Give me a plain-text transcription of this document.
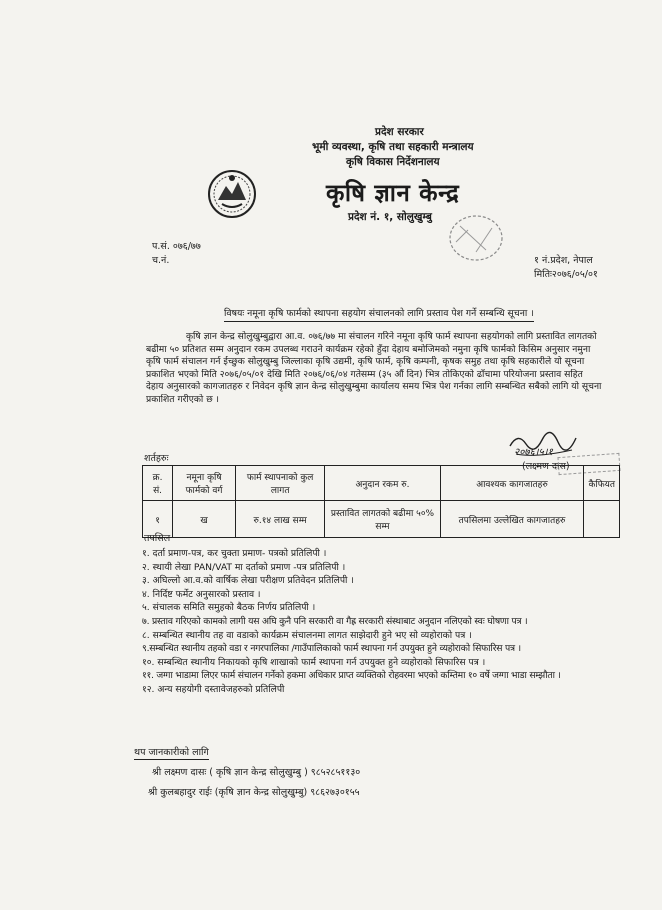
प्रदेश सरकार
भूमी व्यवस्था, कृषि तथा सहकारी मन्त्रालय
कृषि विकास निर्देशनालय
कृषि ज्ञान केन्द्र
प्रदेश नं. १, सोलुखुम्बु
प.सं. ०७६/७७
च.नं.	१ नं.प्रदेश, नेपाल
मितिः२०७६/०५/०१
विषयः नमूना कृषि फार्मको स्थापना सहयोग संचालनको लागि प्रस्ताव पेश गर्ने सम्बन्धि सूचना ।
कृषि ज्ञान केन्द्र सोलुखुम्बुद्वारा आ.व. ०७६/७७ मा संचालन गरिने नमूना कृषि फार्म स्थापना सहयोगको लागि प्रस्तावित लागतको
बढीमा ५० प्रतिशत सम्म अनुदान रकम उपलब्ध गराउने कार्यक्रम रहेको हुँदा देहाय बमोजिमको नमुना कृषि फार्मको किसिम अनुसार नमुना
कृषि फार्म संचालन गर्न ईच्छुक सोलुखुम्बु जिल्लाका कृषि उद्यमी, कृषि फार्म, कृषि कम्पनी, कृषक समुह तथा कृषि सहकारीले यो सूचना
प्रकाशित भएको मिति २०७६/०५/०१ देखि मिति २०७६/०६/०४ गतेसम्म (३५ औं दिन) भित्र तोकिएको ढाँचामा परियोजना प्रस्ताव सहित
देहाय अनुसारको कागजातहरु र निवेदन कृषि ज्ञान केन्द्र सोलुखुम्बुमा कार्यालय समय भित्र पेश गर्नका लागि सम्बन्धित सबैको लागि यो सूचना
प्रकाशित गरीएको छ ।
२०७६।५।१
(लक्ष्मण दास)
शर्तहरुः
क्र. सं.	नमूना कृषि फार्मको वर्ग	फार्म स्थापनाको कुल लागत	अनुदान रकम रु.	आवश्यक कागजातहरु	कैफियत
१	ख	रु.१४ लाख सम्म	प्रस्तावित लागतको बढीमा ५०% सम्म	तपसिलमा उल्लेखित कागजातहरु	
तपसिल
१. दर्ता प्रमाण-पत्र, कर चुक्ता प्रमाण- पत्रको प्रतिलिपी ।
२. स्थायी लेखा PAN/VAT मा दर्ताको प्रमाण -पत्र प्रतिलिपी ।
३. अघिल्लो आ.व.को वार्षिक लेखा परीक्षण प्रतिवेदन प्रतिलिपी ।
४. निर्दिष्ट फर्मेट अनुसारको प्रस्ताव ।
५. संचालक समिति समुहको बैठक निर्णय प्रतिलिपी ।
७. प्रस्ताव गरिएको कामको लागी यस अघि कुनै पनि सरकारी वा गैह्र सरकारी संस्थाबाट अनुदान नलिएको स्वः घोषणा पत्र ।
८. सम्बन्धित स्थानीय तह वा वडाको कार्यक्रम संचालनमा लागत साझेदारी हुने भए सो व्यहोराको पत्र ।
९.सम्बन्धित स्थानीय तहको वडा र नगरपालिका /गाउँपालिकाको फार्म स्थापना गर्न उपयुक्त हुने व्यहोराको सिफारिस पत्र ।
१०. सम्बन्धित स्थानीय निकायको कृषि शाखाको फार्म स्थापना गर्न उपयुक्त हुने व्यहोराको सिफारिस पत्र ।
११. जग्गा भाडामा लिएर फार्म संचालन गर्नेको हकमा अधिकार प्राप्त व्यक्तिको रोहवरमा भएको कम्तिमा १० वर्षे जग्गा भाडा सम्झौता ।
१२. अन्य सहयोगी दस्तावेजहरुको प्रतिलिपी
थप जानकारीको लागि
श्री लक्ष्मण दासः ( कृषि ज्ञान केन्द्र सोलुखुम्बु ) ९८५२८५११३०
श्री कुलबहादुर राईः (कृषि ज्ञान केन्द्र सोलुखुम्बु) ९८६२७३०१५५
